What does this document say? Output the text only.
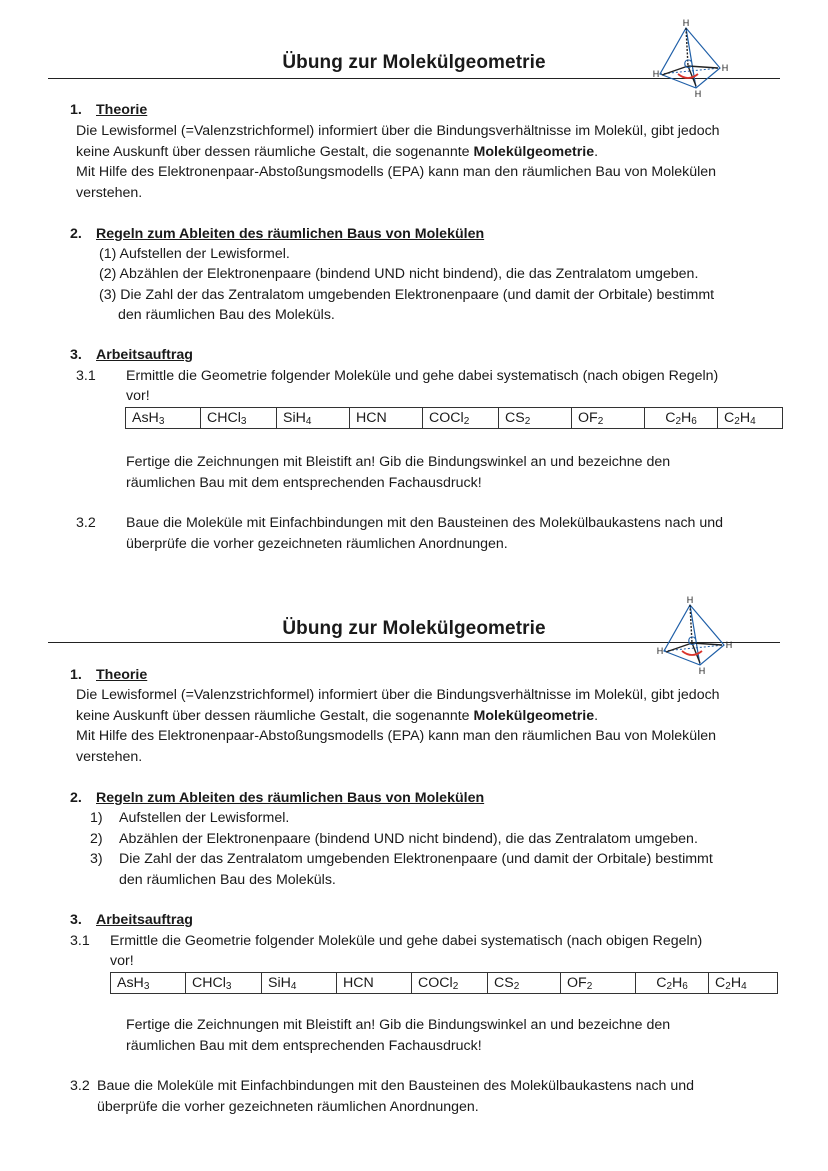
Übung zur Molekülgeometrie
H
H
C	H
H
1. Theorie
Die Lewisformel (=Valenzstrichformel) informiert über die Bindungsverhältnisse im Molekül, gibt jedoch
keine Auskunft über dessen räumliche Gestalt, die sogenannte Molekülgeometrie.
Mit Hilfe des Elektronenpaar-Abstoßungsmodells (EPA) kann man den räumlichen Bau von Molekülen
verstehen.
2. Regeln zum Ableiten des räumlichen Baus von Molekülen
(1) Aufstellen der Lewisformel.
(2) Abzählen der Elektronenpaare (bindend UND nicht bindend), die das Zentralatom umgeben.
(3) Die Zahl der das Zentralatom umgebenden Elektronenpaare (und damit der Orbitale) bestimmt
den räumlichen Bau des Moleküls.
3. Arbeitsauftrag
3.1 Ermittle die Geometrie folgender Moleküle und gehe dabei systematisch (nach obigen Regeln)
vor!
AsH$_3$	CHCl$_3$	SiH$_4$	HCN	COCl$_2$	$CS_2$	$OF_2$	$C_2H_6$	$C_2H_4$
Fertige die Zeichnungen mit Bleistift an! Gib die Bindungswinkel an und bezeichne den
räumlichen Bau mit dem entsprechenden Fachausdruck!
3.2 Baue die Moleküle mit Einfachbindungen mit den Bausteinen des Molekülbaukastens nach und
überprüfe die vorher gezeichneten räumlichen Anordnungen.
Übung zur Molekülgeometrie
H
H
C	H
H
1. Theorie
Die Lewisformel (=Valenzstrichformel) informiert über die Bindungsverhältnisse im Molekül, gibt jedoch
keine Auskunft über dessen räumliche Gestalt, die sogenannte Molekülgeometrie.
Mit Hilfe des Elektronenpaar-Abstoßungsmodells (EPA) kann man den räumlichen Bau von Molekülen
verstehen.
2. Regeln zum Ableiten des räumlichen Baus von Molekülen
1) Aufstellen der Lewisformel.
2) Abzählen der Elektronenpaare (bindend UND nicht bindend), die das Zentralatom umgeben.
3) Die Zahl der das Zentralatom umgebenden Elektronenpaare (und damit der Orbitale) bestimmt
den räumlichen Bau des Moleküls.
3. Arbeitsauftrag
3.1 Ermittle die Geometrie folgender Moleküle und gehe dabei systematisch (nach obigen Regeln)
vor!
AsH$_3$	CHCl$_3$	SiH$_4$	HCN	COCl$_2$	$CS_2$	$OF_2$	$C_2H_6$	$C_2H_4$
Fertige die Zeichnungen mit Bleistift an! Gib die Bindungswinkel an und bezeichne den
räumlichen Bau mit dem entsprechenden Fachausdruck!
3.2 Baue die Moleküle mit Einfachbindungen mit den Bausteinen des Molekülbaukastens nach und
überprüfe die vorher gezeichneten räumlichen Anordnungen.
